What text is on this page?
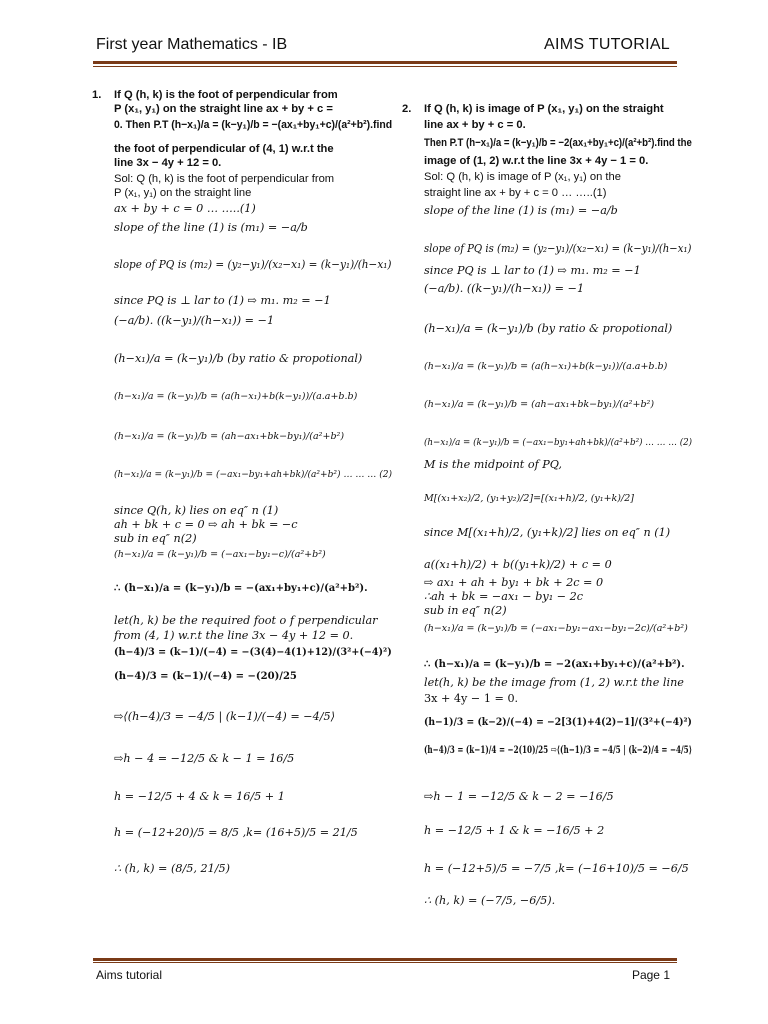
First year Mathematics - IB	AIMS TUTORIAL
1. If Q (h, k) is the foot of perpendicular from
P (x₁, y₁) on the straight line ax + by + c =
0. Then P.T (h−x₁)/a = (k−y₁)/b = −(ax₁+by₁+c)/(a²+b²).find
the foot of perpendicular of (4, 1) w.r.t the
line 3x − 4y + 12 = 0.
Sol: Q (h, k) is the foot of perpendicular from
P (x₁, y₁) on the straight line
ax + by + c = 0 … …..(1)
slope of the line (1) is (m₁) = −a/b
slope of PQ is (m₂) = (y₂−y₁)/(x₂−x₁) = (k−y₁)/(h−x₁)
since PQ is ⊥ lar to (1) ⇨ m₁. m₂ = −1
(−a/b). ((k−y₁)/(h−x₁)) = −1
(h−x₁)/a = (k−y₁)/b (by ratio & propotional)
(h−x₁)/a = (k−y₁)/b = (a(h−x₁)+b(k−y₁))/(a.a+b.b)
(h−x₁)/a = (k−y₁)/b = (ah−ax₁+bk−by₁)/(a²+b²)
(h−x₁)/a = (k−y₁)/b = (−ax₁−by₁+ah+bk)/(a²+b²) … … … (2)
since Q(h, k) lies on eq″ n (1)
ah + bk + c = 0 ⇨ ah + bk = −c
sub in eq″ n(2)
(h−x₁)/a = (k−y₁)/b = (−ax₁−by₁−c)/(a²+b²)
∴ (h−x₁)/a = (k−y₁)/b = −(ax₁+by₁+c)/(a²+b²).
let(h, k) be the required foot o f perpendicular
from (4, 1) w.r.t the line 3x − 4y + 12 = 0.
(h−4)/3 = (k−1)/(−4) = −(3(4)−4(1)+12)/(3²+(−4)²)
(h−4)/3 = (k−1)/(−4) = −(20)/25
⇨⟨(h−4)/3 = −4/5 | (k−1)/(−4) = −4/5⟩
⇨h − 4 = −12/5 & k − 1 = 16/5
h = −12/5 + 4 & k = 16/5 + 1
h = (−12+20)/5 = 8/5 ,k= (16+5)/5 = 21/5
∴ (h, k) = (8/5, 21/5)
2. If Q (h, k) is image of P (x₁, y₁) on the straight
line ax + by + c = 0.
Then P.T (h−x₁)/a = (k−y₁)/b = −2(ax₁+by₁+c)/(a²+b²).find the
image of (1, 2) w.r.t the line 3x + 4y − 1 = 0.
Sol: Q (h, k) is image of P (x₁, y₁) on the
straight line ax + by + c = 0 … …..(1)
slope of the line (1) is (m₁) = −a/b
slope of PQ is (m₂) = (y₂−y₁)/(x₂−x₁) = (k−y₁)/(h−x₁)
since PQ is ⊥ lar to (1) ⇨ m₁. m₂ = −1
(−a/b). ((k−y₁)/(h−x₁)) = −1
(h−x₁)/a = (k−y₁)/b (by ratio & propotional)
(h−x₁)/a = (k−y₁)/b = (a(h−x₁)+b(k−y₁))/(a.a+b.b)
(h−x₁)/a = (k−y₁)/b = (ah−ax₁+bk−by₁)/(a²+b²)
(h−x₁)/a = (k−y₁)/b = (−ax₁−by₁+ah+bk)/(a²+b²) … … … (2)
M is the midpoint of PQ,
M[(x₁+x₂)/2, (y₁+y₂)/2]=[(x₁+h)/2, (y₁+k)/2]
since M[(x₁+h)/2, (y₁+k)/2] lies on eq″ n (1)
a((x₁+h)/2) + b((y₁+k)/2) + c = 0
⇨ ax₁ + ah + by₁ + bk + 2c = 0
∴ah + bk = −ax₁ − by₁ − 2c
sub in eq″ n(2)
(h−x₁)/a = (k−y₁)/b = (−ax₁−by₁−ax₁−by₁−2c)/(a²+b²)
∴ (h−x₁)/a = (k−y₁)/b = −2(ax₁+by₁+c)/(a²+b²).
let(h, k) be the image from (1, 2) w.r.t the line
3x + 4y − 1 = 0.
(h−1)/3 = (k−2)/(−4) = −2[3(1)+4(2)−1]/(3²+(−4)²)
(h−4)/3 = (k−1)/4 = −2(10)/25 ⇨⟨(h−1)/3 = −4/5 | (k−2)/4 = −4/5⟩
⇨h − 1 = −12/5 & k − 2 = −16/5
h = −12/5 + 1 & k = −16/5 + 2
h = (−12+5)/5 = −7/5 ,k= (−16+10)/5 = −6/5
∴ (h, k) = (−7/5, −6/5).
Aims tutorial	Page 1
